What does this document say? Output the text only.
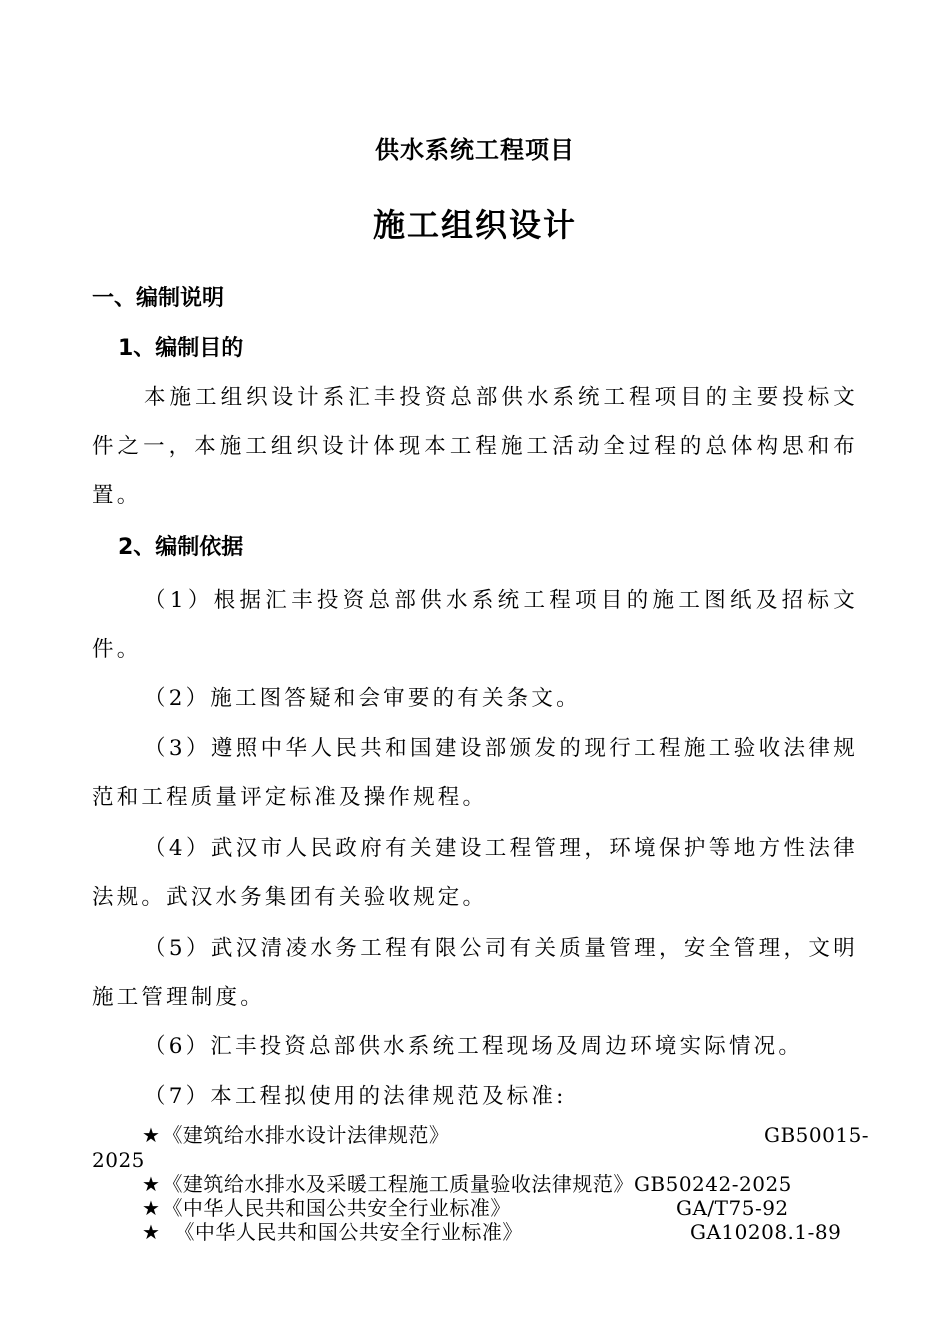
供水系统工程项目
施工组织设计
一、编制说明
1、编制目的

本施工组织设计系汇丰投资总部供水系统工程项目的主要投标文件之一，本施工组织设计体现本工程施工活动全过程的总体构思和布置。

2、编制依据

（1）根据汇丰投资总部供水系统工程项目的施工图纸及招标文件。

（2）施工图答疑和会审要的有关条文。

（3）遵照中华人民共和国建设部颁发的现行工程施工验收法律规范和工程质量评定标准及操作规程。

（4）武汉市人民政府有关建设工程管理，环境保护等地方性法律法规。武汉水务集团有关验收规定。

（5）武汉清凌水务工程有限公司有关质量管理，安全管理，文明施工管理制度。

（6）汇丰投资总部供水系统工程现场及周边环境实际情况。

（7）本工程拟使用的法律规范及标准:

★ 《建筑给水排水设计法律规范》	GB50015-
2025
★ 《建筑给水排水及采暖工程施工质量验收法律规范》GB50242-2025
★ 《中华人民共和国公共安全行业标准》	GA/T75-92
★ 《中华人民共和国公共安全行业标准》	GA10208.1-89
